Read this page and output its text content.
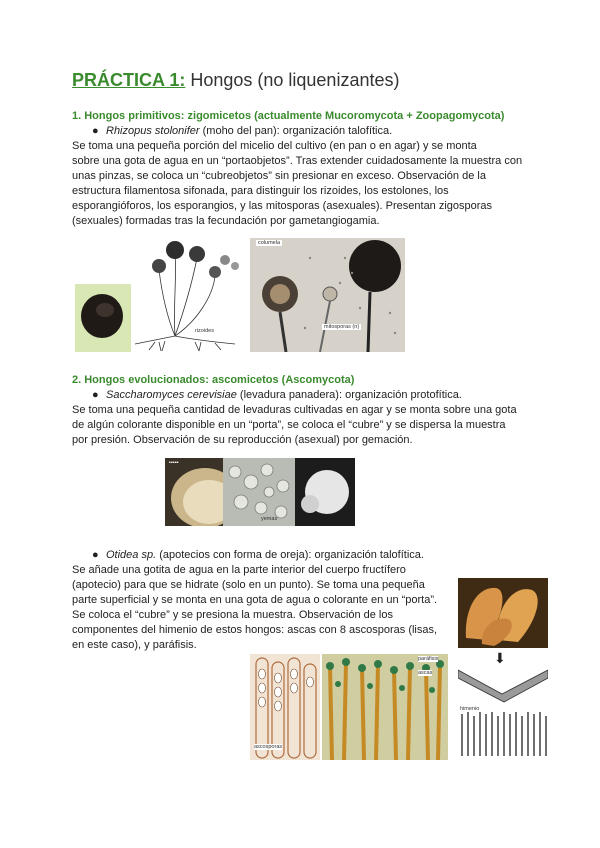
PRÁCTICA 1: Hongos (no liquenizantes)
1. Hongos primitivos: zigomicetos (actualmente Mucoromycota + Zoopagomycota)
● Rhizopus stolonifer (moho del pan): organización talofítica.
Se toma una pequeña porción del micelio del cultivo (en pan o en agar) y se monta
sobre una gota de agua en un “portaobjetos”. Tras extender cuidadosamente la muestra con
unas pinzas, se coloca un “cubreobjetos” sin presionar en exceso. Observación de la
estructura filamentosa sifonada, para distinguir los rizoides, los estolones, los
esporangióforos, los esporangios, y las mitosporas (asexuales). Presentan zigosporas
(sexuales) formadas tras la fecundación por gametangiogamia.
rizoides
columela
mitosporas (n)
2. Hongos evolucionados: ascomicetos (Ascomycota)
● Saccharomyces cerevisiae (levadura panadera): organización protofítica.
Se toma una pequeña cantidad de levaduras cultivadas en agar y se monta sobre una gota
de algún colorante disponible en un “porta”, se coloca el “cubre” y se dispersa la muestra
por presión. Observación de su reproducción (asexual) por gemación.
▪▪▪▪▪
yemas
● Otidea sp. (apotecios con forma de oreja): organización talofítica.
Se añade una gotita de agua en la parte interior del cuerpo fructífero
(apotecio) para que se hidrate (solo en un punto). Se toma una pequeña
parte superficial y se monta en una gota de agua o colorante en un “porta”.
Se coloca el “cubre” y se presiona la muestra. Observación de los
componentes del himenio de estos hongos: ascas con 8 ascosporas (lisas,
en este caso), y paráfisis.
⬇
himenio
ascosporas
paráfisis
ascas
